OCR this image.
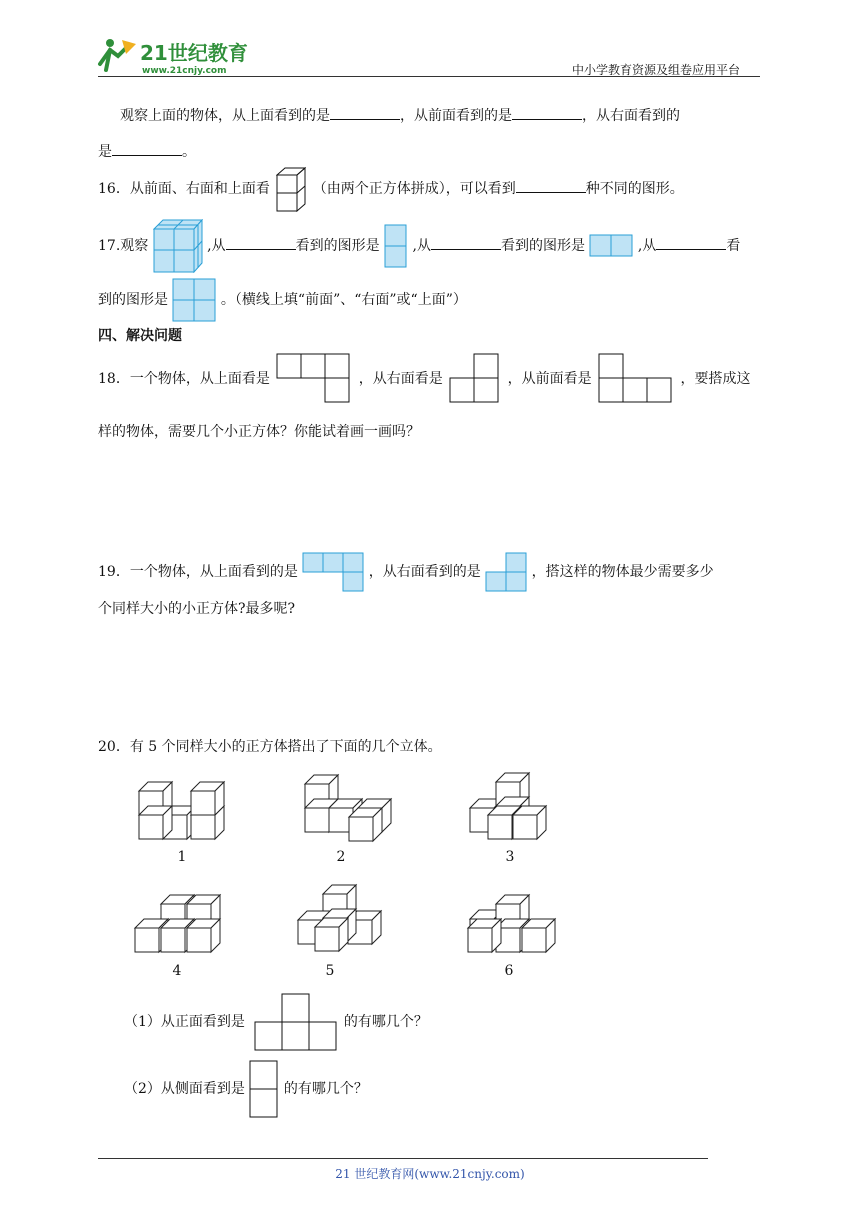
21世纪教育
www.21cnjy.com	中小学教育资源及组卷应用平台
观察上面的物体，从上面看到的是	，从前面看到的是	，从右面看到的
是	。
16．从前面、右面和上面看	（由两个正方体拼成），可以看到	种不同的图形。
17.观察	,从	看到的图形是 ,从	看到的图形是	,从	看
到的图形是	。（横线上填“前面”、“右面”或“上面”）
四、解决问题
18．一个物体，从上面看是	，从右面看是	，从前面看是	，要搭成这
样的物体，需要几个小正方体？你能试着画一画吗？
19．一个物体，从上面看到的是	，从右面看到的是	，搭这样的物体最少需要多少
个同样大小的小正方体?最多呢?
20．有 5 个同样大小的正方体搭出了下面的几个立体。
1	2	3
4	5	6
（1）从正面看到是	的有哪几个？
（2）从侧面看到是	的有哪几个？
21 世纪教育网(www.21cnjy.com)
